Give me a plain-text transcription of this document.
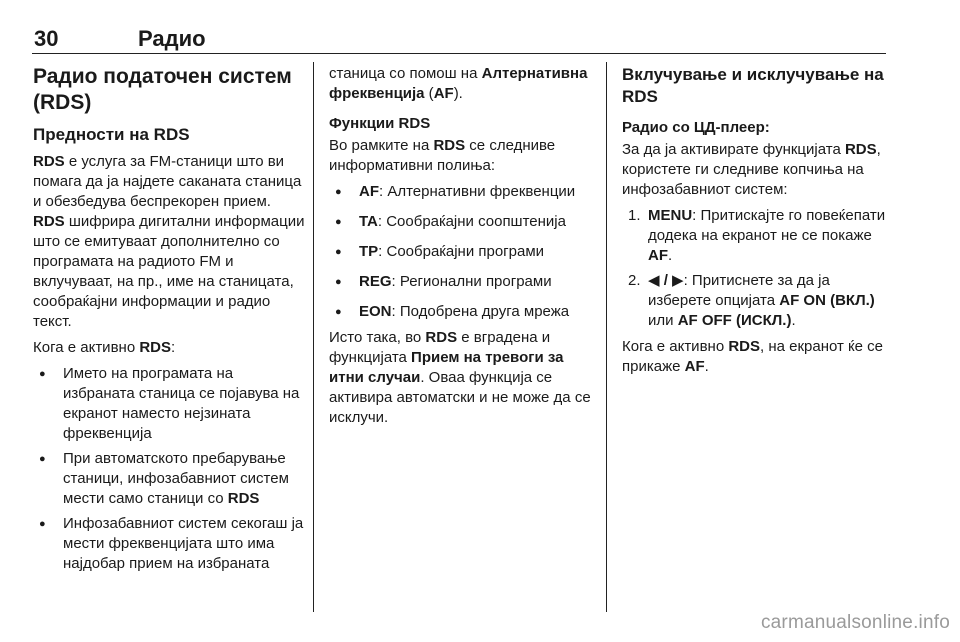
30	Радио
Радио податочен систем (RDS)
Предности на RDS

RDS е услуга за FM-станици што ви помага да ја најдете саканата станица и обезбедува беспрекорен прием. RDS шифрира дигитални информации што се емитуваат дополнително со програмата на радиото FM и вклучуваат, на пр., име на станицата, сообраќајни информации и радио текст.

Кога е активно RDS:

● Името на програмата на избраната станица се појавува на екранот наместо нејзината фреквенција
● При автоматското пребарување станици, инфозабавниот систем мести само станици со RDS
● Инфозабавниот систем секогаш ја мести фреквенцијата што има најдобар прием на избраната

станица со помош на Алтернативна фреквенција (AF).

Функции RDS

Во рамките на RDS се следниве информативни полиња:

● AF: Алтернативни фреквенции
● TA: Сообраќајни соопштенија
● TP: Сообраќајни програми
● REG: Регионални програми
● EON: Подобрена друга мрежа

Исто така, во RDS е вградена и функцијата Прием на тревоги за итни случаи. Оваа функција се активира автоматски и не може да се исклучи.

Вклучување и исклучување на RDS
Радио со ЦД-плеер:

За да ја активирате функцијата RDS, користете ги следниве копчиња на инфозабавниот систем:

1. MENU: Притискајте го повеќепати додека на екранот не се покаже AF.
2. ◀ / ▶: Притиснете за да ја изберете опцијата AF ON (ВКЛ.) или AF OFF (ИСКЛ.).

Кога е активно RDS, на екранот ќе се прикаже AF.

carmanualsonline.info
